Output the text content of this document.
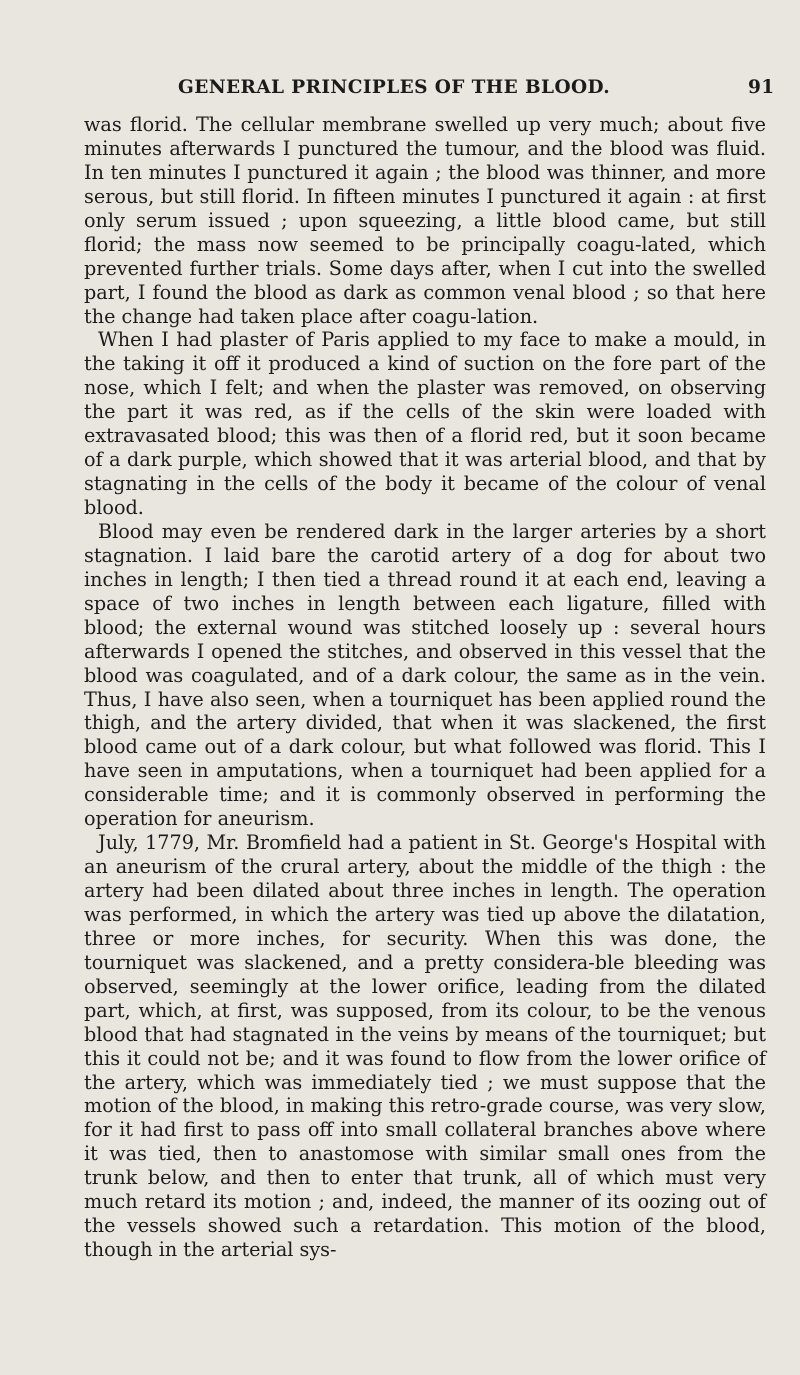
GENERAL PRINCIPLES OF THE BLOOD.	91

was florid. The cellular membrane swelled up very much; about five minutes afterwards I punctured the tumour, and the blood was fluid. In ten minutes I punctured it again ; the blood was thinner, and more serous, but still florid. In fifteen minutes I punctured it again : at first only serum issued ; upon squeezing, a little blood came, but still florid; the mass now seemed to be principally coagu-lated, which prevented further trials. Some days after, when I cut into the swelled part, I found the blood as dark as common venal blood ; so that here the change had taken place after coagu-lation.

When I had plaster of Paris applied to my face to make a mould, in the taking it off it produced a kind of suction on the fore part of the nose, which I felt; and when the plaster was removed, on observing the part it was red, as if the cells of the skin were loaded with extravasated blood; this was then of a florid red, but it soon became of a dark purple, which showed that it was arterial blood, and that by stagnating in the cells of the body it became of the colour of venal blood.

Blood may even be rendered dark in the larger arteries by a short stagnation. I laid bare the carotid artery of a dog for about two inches in length; I then tied a thread round it at each end, leaving a space of two inches in length between each ligature, filled with blood; the external wound was stitched loosely up : several hours afterwards I opened the stitches, and observed in this vessel that the blood was coagulated, and of a dark colour, the same as in the vein. Thus, I have also seen, when a tourniquet has been applied round the thigh, and the artery divided, that when it was slackened, the first blood came out of a dark colour, but what followed was florid. This I have seen in amputations, when a tourniquet had been applied for a considerable time; and it is commonly observed in performing the operation for aneurism.

July, 1779, Mr. Bromfield had a patient in St. George's Hospital with an aneurism of the crural artery, about the middle of the thigh : the artery had been dilated about three inches in length. The operation was performed, in which the artery was tied up above the dilatation, three or more inches, for security. When this was done, the tourniquet was slackened, and a pretty considera-ble bleeding was observed, seemingly at the lower orifice, leading from the dilated part, which, at first, was supposed, from its colour, to be the venous blood that had stagnated in the veins by means of the tourniquet; but this it could not be; and it was found to flow from the lower orifice of the artery, which was immediately tied ; we must suppose that the motion of the blood, in making this retro-grade course, was very slow, for it had first to pass off into small collateral branches above where it was tied, then to anastomose with similar small ones from the trunk below, and then to enter that trunk, all of which must very much retard its motion ; and, indeed, the manner of its oozing out of the vessels showed such a retardation. This motion of the blood, though in the arterial sys-
